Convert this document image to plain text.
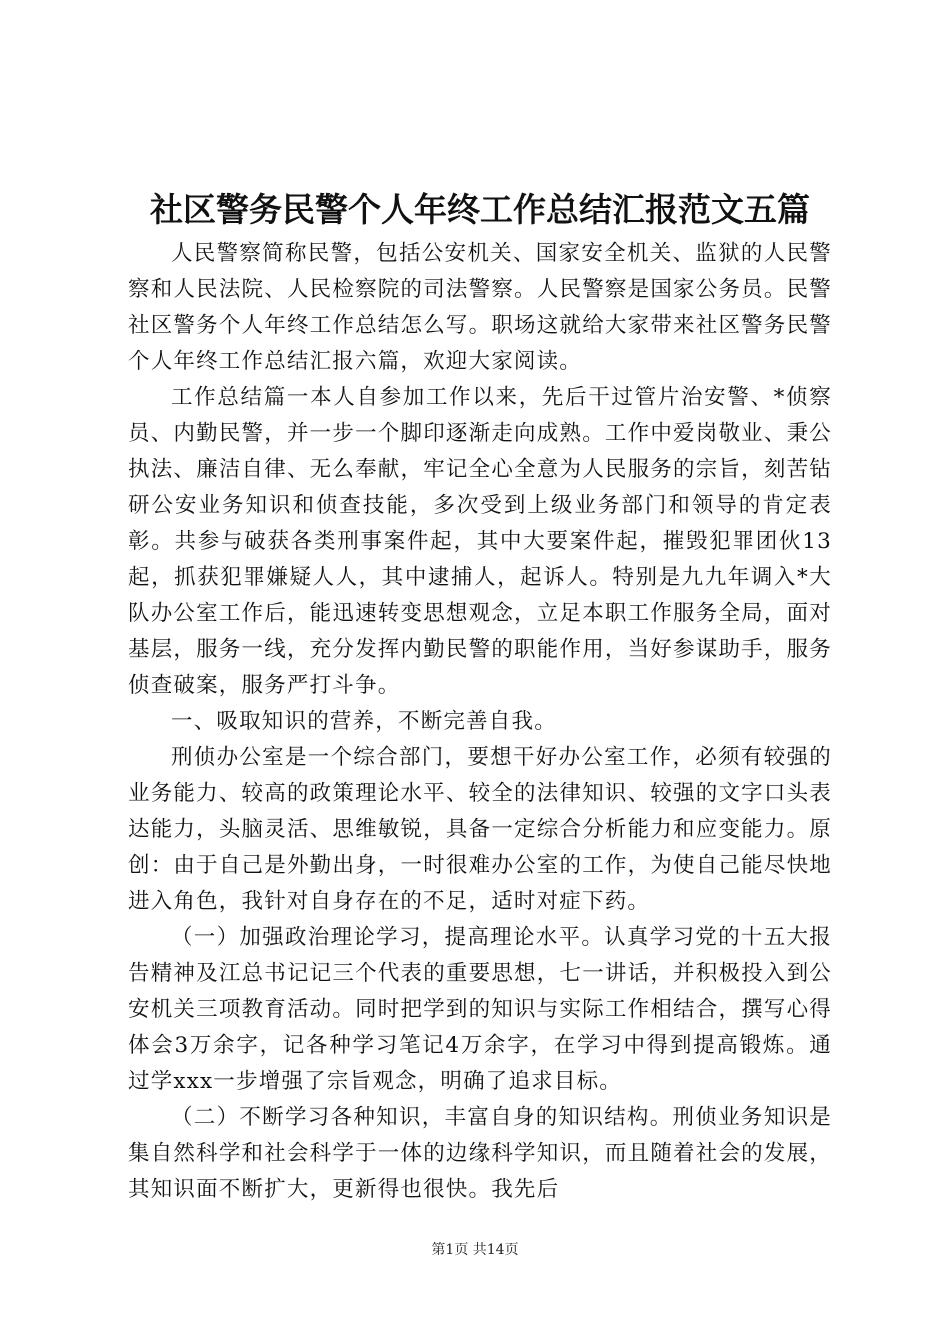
社区警务民警个人年终工作总结汇报范文五篇

人民警察简称民警，包括公安机关、国家安全机关、监狱的人民警察和人民法院、人民检察院的司法警察。人民警察是国家公务员。民警社区警务个人年终工作总结怎么写。职场这就给大家带来社区警务民警个人年终工作总结汇报六篇，欢迎大家阅读。

工作总结篇一本人自参加工作以来，先后干过管片治安警、*侦察员、内勤民警，并一步一个脚印逐渐走向成熟。工作中爱岗敬业、秉公执法、廉洁自律、无么奉献，牢记全心全意为人民服务的宗旨，刻苦钻研公安业务知识和侦查技能，多次受到上级业务部门和领导的肯定表彰。共参与破获各类刑事案件起，其中大要案件起，摧毁犯罪团伙13起，抓获犯罪嫌疑人人，其中逮捕人，起诉人。特别是九九年调入*大队办公室工作后，能迅速转变思想观念，立足本职工作服务全局，面对基层，服务一线，充分发挥内勤民警的职能作用，当好参谋助手，服务侦查破案，服务严打斗争。

一、吸取知识的营养，不断完善自我。

刑侦办公室是一个综合部门，要想干好办公室工作，必须有较强的业务能力、较高的政策理论水平、较全的法律知识、较强的文字口头表达能力，头脑灵活、思维敏锐，具备一定综合分析能力和应变能力。原创：由于自己是外勤出身，一时很难办公室的工作，为使自己能尽快地进入角色，我针对自身存在的不足，适时对症下药。

（一）加强政治理论学习，提高理论水平。认真学习党的十五大报告精神及江总书记记三个代表的重要思想，七一讲话，并积极投入到公安机关三项教育活动。同时把学到的知识与实际工作相结合，撰写心得体会3万余字，记各种学习笔记4万余字，在学习中得到提高锻炼。通过学xxx一步增强了宗旨观念，明确了追求目标。

（二）不断学习各种知识，丰富自身的知识结构。刑侦业务知识是集自然科学和社会科学于一体的边缘科学知识，而且随着社会的发展，其知识面不断扩大，更新得也很快。我先后

第1页 共14页
